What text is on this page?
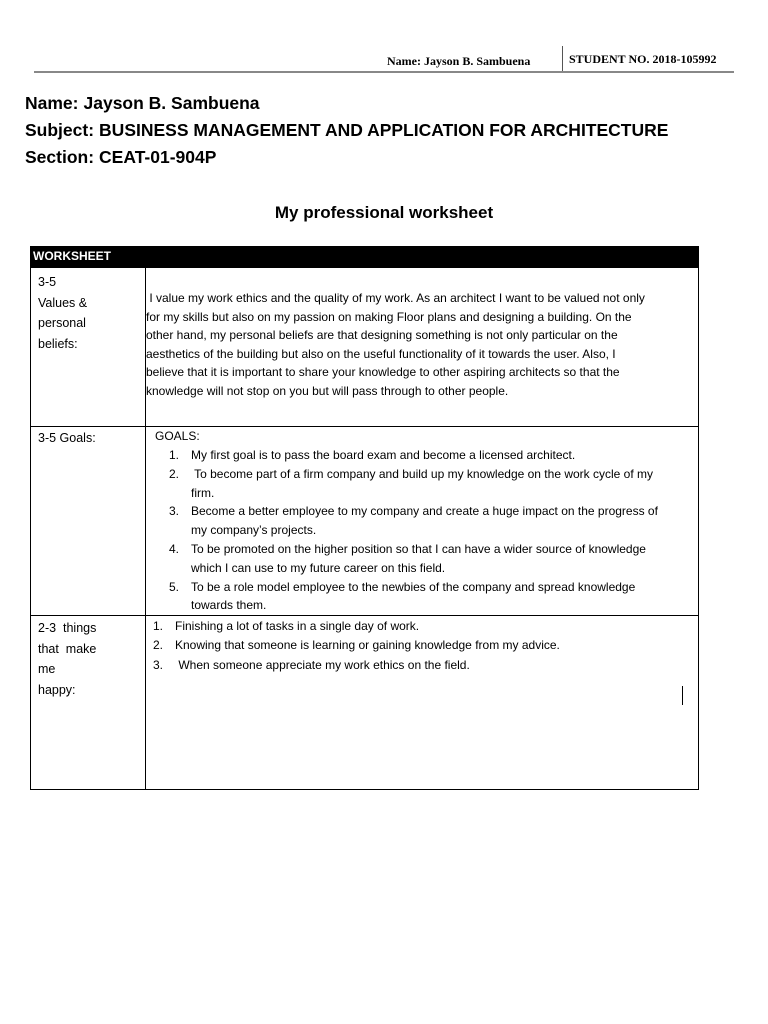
Name: Jayson B. Sambuena	STUDENT NO. 2018-105992
Name: Jayson B. Sambuena
Subject: BUSINESS MANAGEMENT AND APPLICATION FOR ARCHITECTURE
Section: CEAT-01-904P
My professional worksheet
WORKSHEET
3-5
Values &
personal
beliefs:
I value my work ethics and the quality of my work. As an architect I want to be valued not only
for my skills but also on my passion on making Floor plans and designing a building. On the
other hand, my personal beliefs are that designing something is not only particular on the
aesthetics of the building but also on the useful functionality of it towards the user. Also, I
believe that it is important to share your knowledge to other aspiring architects so that the
knowledge will not stop on you but will pass through to other people.
3-5 Goals:	GOALS:
1. My first goal is to pass the board exam and become a licensed architect.
2. To become part of a firm company and build up my knowledge on the work cycle of my
firm.
3. Become a better employee to my company and create a huge impact on the progress of
my company’s projects.
4. To be promoted on the higher position so that I can have a wider source of knowledge
which I can use to my future career on this field.
5. To be a role model employee to the newbies of the company and spread knowledge
towards them.
2-3  things
that  make
me
happy:
1. Finishing a lot of tasks in a single day of work.
2. Knowing that someone is learning or gaining knowledge from my advice.
3. When someone appreciate my work ethics on the field.
